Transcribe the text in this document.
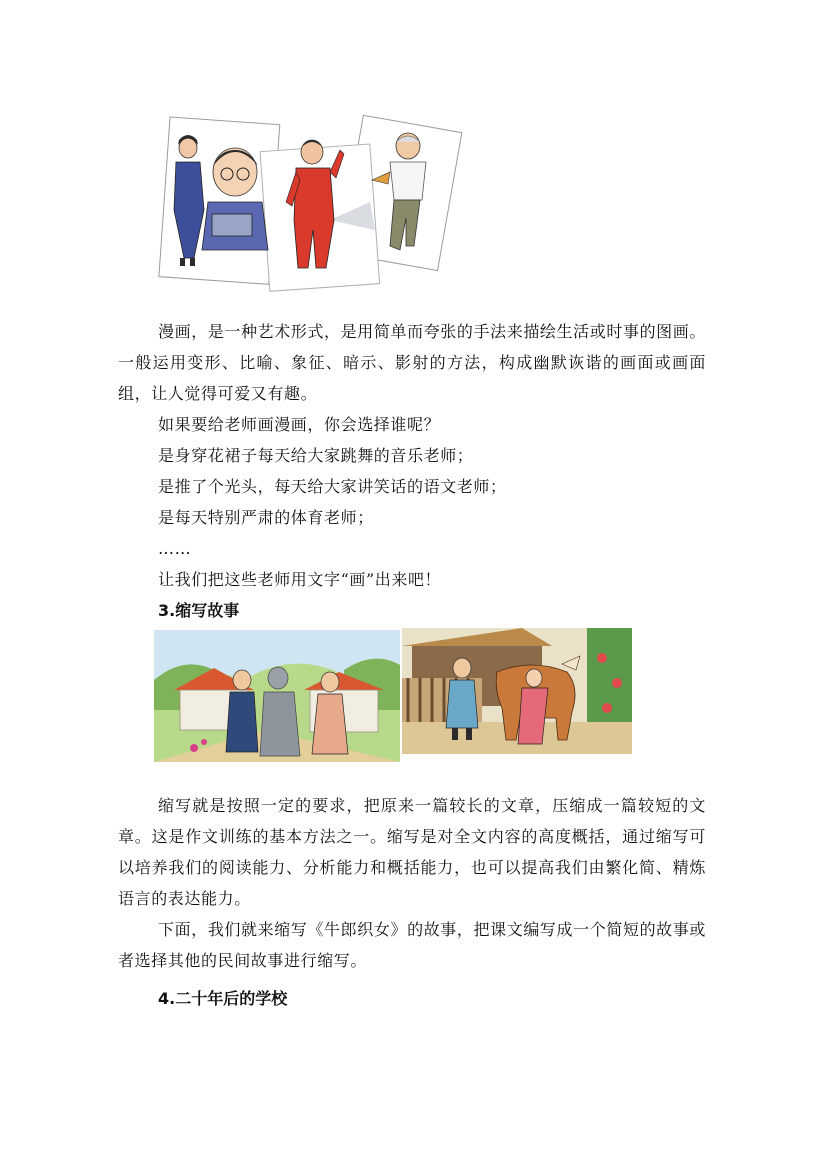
漫画，是一种艺术形式，是用简单而夸张的手法来描绘生活或时事的图画。一般运用变形、比喻、象征、暗示、影射的方法，构成幽默诙谐的画面或画面组，让人觉得可爱又有趣。

如果要给老师画漫画，你会选择谁呢？

是身穿花裙子每天给大家跳舞的音乐老师；

是推了个光头，每天给大家讲笑话的语文老师；

是每天特别严肃的体育老师；

……

让我们把这些老师用文字“画”出来吧！

3.缩写故事

缩写就是按照一定的要求，把原来一篇较长的文章，压缩成一篇较短的文章。这是作文训练的基本方法之一。缩写是对全文内容的高度概括，通过缩写可以培养我们的阅读能力、分析能力和概括能力，也可以提高我们由繁化简、精炼语言的表达能力。

下面，我们就来缩写《牛郎织女》的故事，把课文编写成一个简短的故事或者选择其他的民间故事进行缩写。

4.二十年后的学校
